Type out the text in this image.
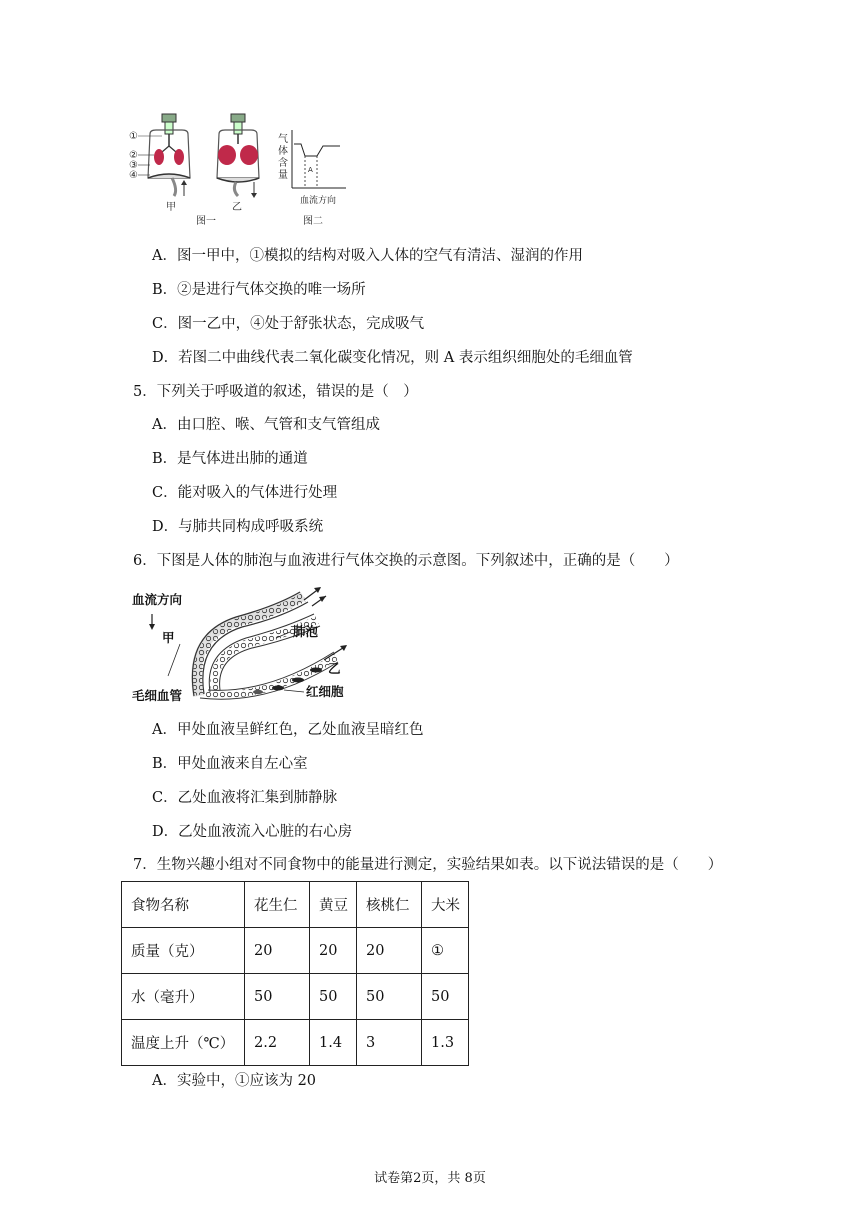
①
②
③
④
甲	乙
图一	图二
气
体
含
量	A
血流方向
A．图一甲中，①模拟的结构对吸入人体的空气有清洁、湿润的作用
B．②是进行气体交换的唯一场所
C．图一乙中，④处于舒张状态，完成吸气
D．若图二中曲线代表二氧化碳变化情况，则 A 表示组织细胞处的毛细血管
5．下列关于呼吸道的叙述，错误的是（　）
A．由口腔、喉、气管和支气管组成
B．是气体进出肺的通道
C．能对吸入的气体进行处理
D．与肺共同构成呼吸系统
6．下图是人体的肺泡与血液进行气体交换的示意图。下列叙述中，正确的是（　　）
血流方向
甲	肺泡
乙
毛细血管	红细胞
A．甲处血液呈鲜红色，乙处血液呈暗红色
B．甲处血液来自左心室
C．乙处血液将汇集到肺静脉
D．乙处血液流入心脏的右心房
7．生物兴趣小组对不同食物中的能量进行测定，实验结果如表。以下说法错误的是（　　）
食物名称	花生仁	黄豆	核桃仁	大米
质量（克）	20	20	20	①
水（毫升）	50	50	50	50
温度上升（℃）	2.2	1.4	3	1.3
A．实验中，①应该为 20
试卷第2页，共 8页
